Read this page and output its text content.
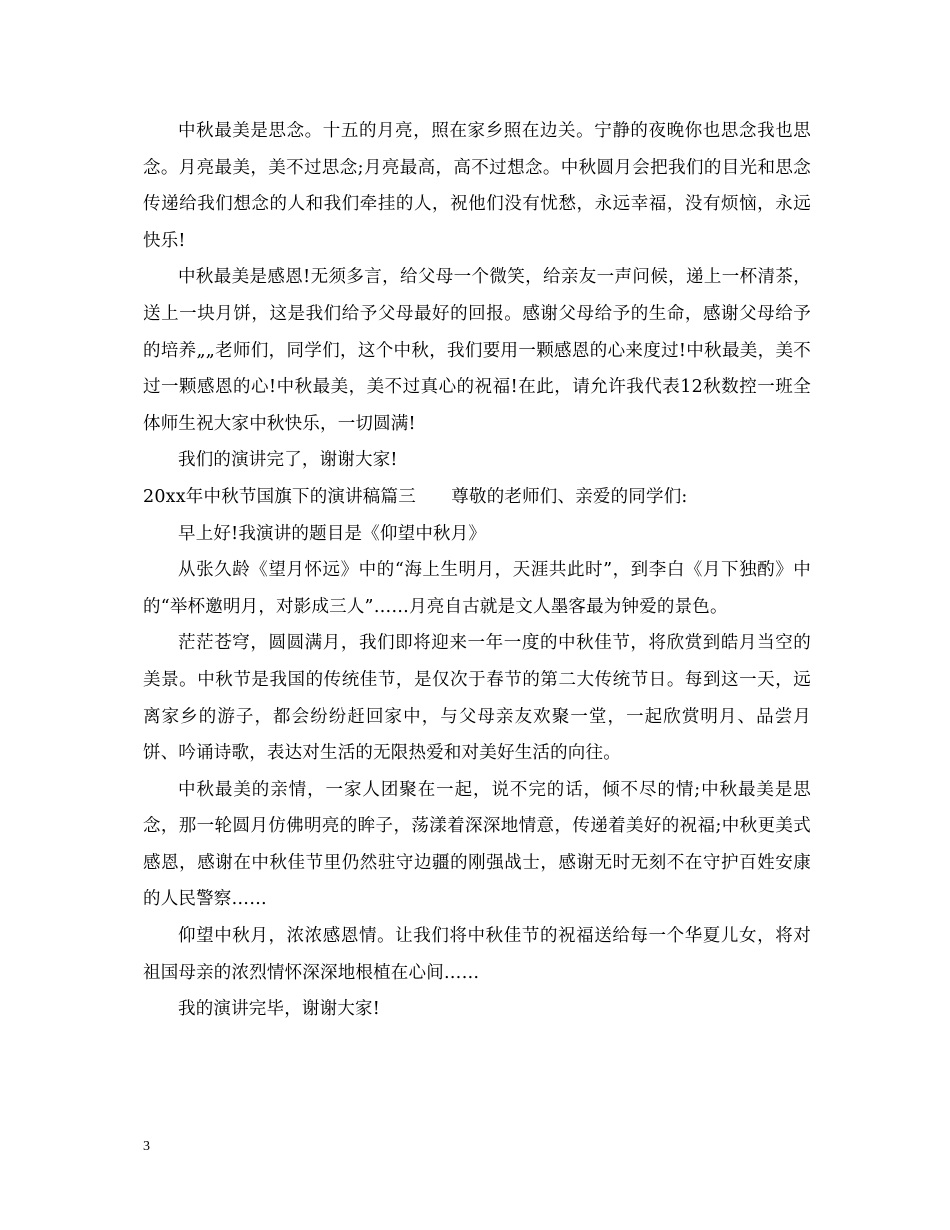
中秋最美是思念。十五的月亮，照在家乡照在边关。宁静的夜晚你也思念我也思念。月亮最美，美不过思念;月亮最高，高不过想念。中秋圆月会把我们的目光和思念传递给我们想念的人和我们牵挂的人，祝他们没有忧愁，永远幸福，没有烦恼，永远快乐!

中秋最美是感恩!无须多言，给父母一个微笑，给亲友一声问候，递上一杯清茶，送上一块月饼，这是我们给予父母最好的回报。感谢父母给予的生命，感谢父母给予的培养„„老师们，同学们，这个中秋，我们要用一颗感恩的心来度过!中秋最美，美不过一颗感恩的心!中秋最美，美不过真心的祝福!在此，请允许我代表12秋数控一班全体师生祝大家中秋快乐，一切圆满!

我们的演讲完了，谢谢大家!

20xx年中秋节国旗下的演讲稿篇三　　尊敬的老师们、亲爱的同学们:

早上好!我演讲的题目是《仰望中秋月》

从张久龄《望月怀远》中的“海上生明月，天涯共此时”，到李白《月下独酌》中的“举杯邀明月，对影成三人”……月亮自古就是文人墨客最为钟爱的景色。

茫茫苍穹，圆圆满月，我们即将迎来一年一度的中秋佳节，将欣赏到皓月当空的美景。中秋节是我国的传统佳节，是仅次于春节的第二大传统节日。每到这一天，远离家乡的游子，都会纷纷赶回家中，与父母亲友欢聚一堂，一起欣赏明月、品尝月饼、吟诵诗歌，表达对生活的无限热爱和对美好生活的向往。

中秋最美的亲情，一家人团聚在一起，说不完的话，倾不尽的情;中秋最美是思念，那一轮圆月仿佛明亮的眸子，荡漾着深深地情意，传递着美好的祝福;中秋更美式感恩，感谢在中秋佳节里仍然驻守边疆的刚强战士，感谢无时无刻不在守护百姓安康的人民警察……

仰望中秋月，浓浓感恩情。让我们将中秋佳节的祝福送给每一个华夏儿女，将对祖国母亲的浓烈情怀深深地根植在心间……

我的演讲完毕，谢谢大家!

3
